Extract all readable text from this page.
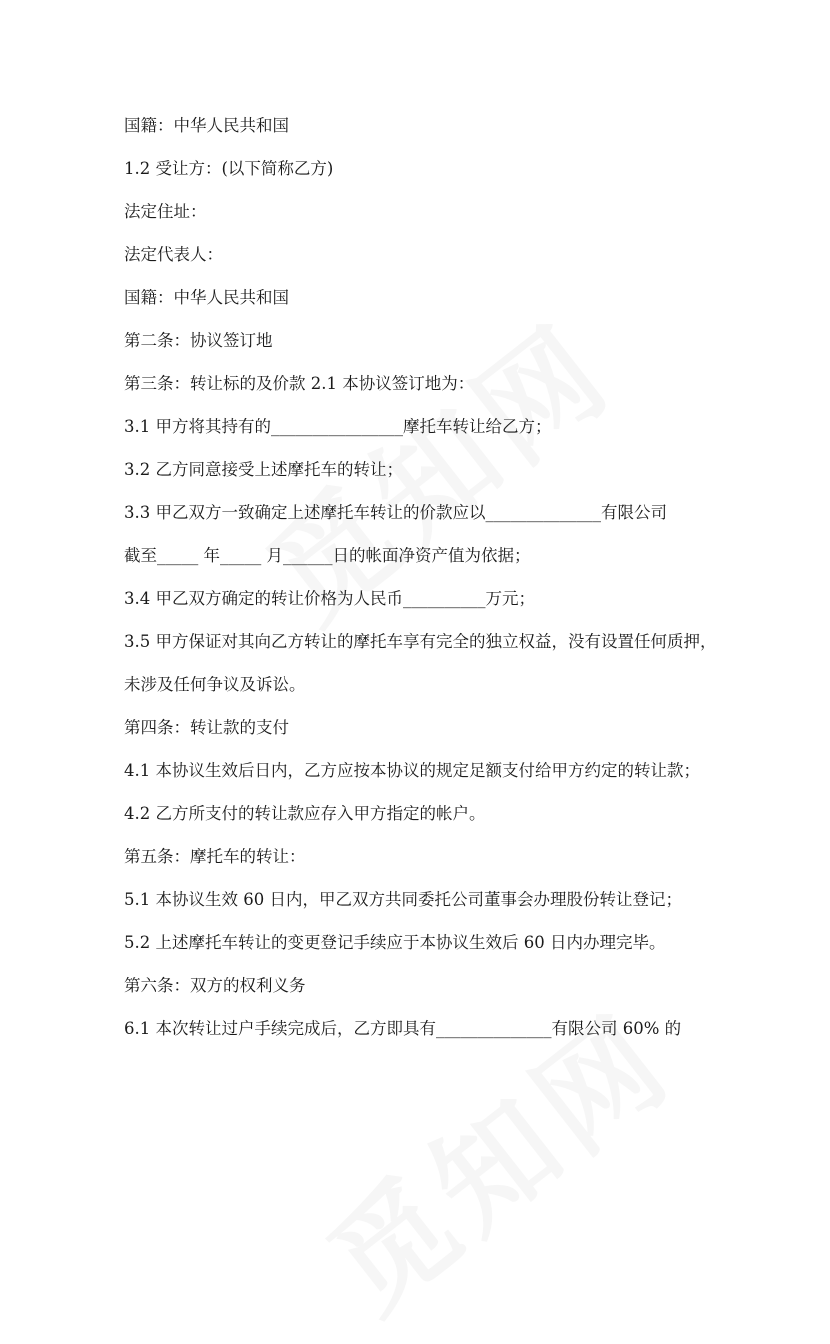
国籍：中华人民共和国
1.2 受让方：(以下简称乙方)
法定住址：
法定代表人：
国籍：中华人民共和国
第二条：协议签订地
第三条：转让标的及价款 2.1 本协议签订地为：
3.1 甲方将其持有的________________摩托车转让给乙方；
3.2 乙方同意接受上述摩托车的转让；
3.3 甲乙双方一致确定上述摩托车转让的价款应以______________有限公司
截至_____ 年_____ 月______日的帐面净资产值为依据；
3.4 甲乙双方确定的转让价格为人民币__________万元；
3.5 甲方保证对其向乙方转让的摩托车享有完全的独立权益，没有设置任何质押，
未涉及任何争议及诉讼。
第四条：转让款的支付
4.1 本协议生效后日内，乙方应按本协议的规定足额支付给甲方约定的转让款；
4.2 乙方所支付的转让款应存入甲方指定的帐户。
第五条：摩托车的转让：
5.1 本协议生效 60 日内，甲乙双方共同委托公司董事会办理股份转让登记；
5.2 上述摩托车转让的变更登记手续应于本协议生效后 60 日内办理完毕。
第六条：双方的权利义务
6.1 本次转让过户手续完成后，乙方即具有______________有限公司 60% 的
